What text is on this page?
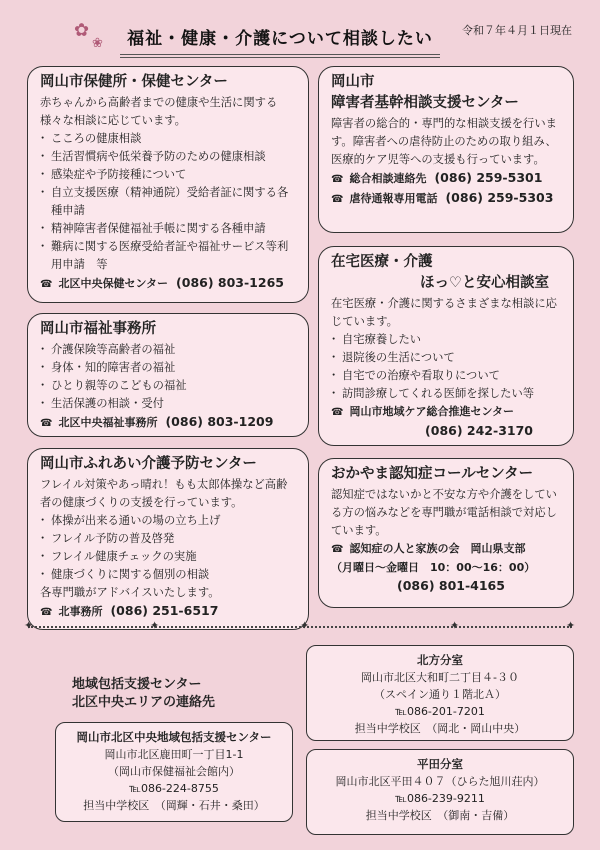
✿
❀	福祉・健康・介護について相談したい	令和７年４月１日現在
岡山市保健所・保健センター

赤ちゃんから高齢者までの健康や生活に関する様々な相談に応じています。

・ こころの健康相談
・ 生活習慣病や低栄養予防のための健康相談
・ 感染症や予防接種について
・ 自立支援医療（精神通院）受給者証に関する各種申請
・ 精神障害者保健福祉手帳に関する各種申請
・ 難病に関する医療受給者証や福祉サービス等利用申請　等
☎ 北区中央保健センター (086) 803-1265
岡山市福祉事務所
・ 介護保険等高齢者の福祉
・ 身体・知的障害者の福祉
・ ひとり親等のこどもの福祉
・ 生活保護の相談・受付
☎ 北区中央福祉事務所 (086) 803-1209
岡山市ふれあい介護予防センター

フレイル対策やあっ晴れ！もも太郎体操など高齢者の健康づくりの支援を行っています。

・ 体操が出来る通いの場の立ち上げ
・ フレイル予防の普及啓発
・ フレイル健康チェックの実施
・ 健康づくりに関する個別の相談

各専門職がアドバイスいたします。

☎ 北事務所 (086) 251-6517
岡山市
障害者基幹相談支援センター

障害者の総合的・専門的な相談支援を行います。障害者への虐待防止のための取り組み、医療的ケア児等への支援も行っています。

☎ 総合相談連絡先 (086) 259-5301
☎ 虐待通報専用電話 (086) 259-5303
在宅医療・介護
ほっ♡と安心相談室

在宅医療・介護に関するさまざまな相談に応じています。

・ 自宅療養したい
・ 退院後の生活について
・ 自宅での治療や看取りについて
・ 訪問診療してくれる医師を探したい等
☎ 岡山市地域ケア総合推進センター
(086) 242-3170
おかやま認知症コールセンター

認知症ではないかと不安な方や介護をしている方の悩みなどを専門職が電話相談で対応しています。

☎ 認知症の人と家族の会　岡山県支部
（月曜日～金曜日　10：00～16：00）
(086) 801-4165
✦	✦	✦	✦	✦
地域包括支援センター
北区中央エリアの連絡先
岡山市北区中央地域包括支援センター
岡山市北区鹿田町一丁目1-1
（岡山市保健福祉会館内）
℡086-224-8755
担当中学校区　（岡輝・石井・桑田）
北方分室
岡山市北区大和町二丁目４-３０
（スペイン通り１階北Ａ）
℡086-201-7201
担当中学校区　（岡北・岡山中央）
平田分室
岡山市北区平田４０７（ひらた旭川荘内）
℡086-239-9211
担当中学校区　（御南・吉備）
